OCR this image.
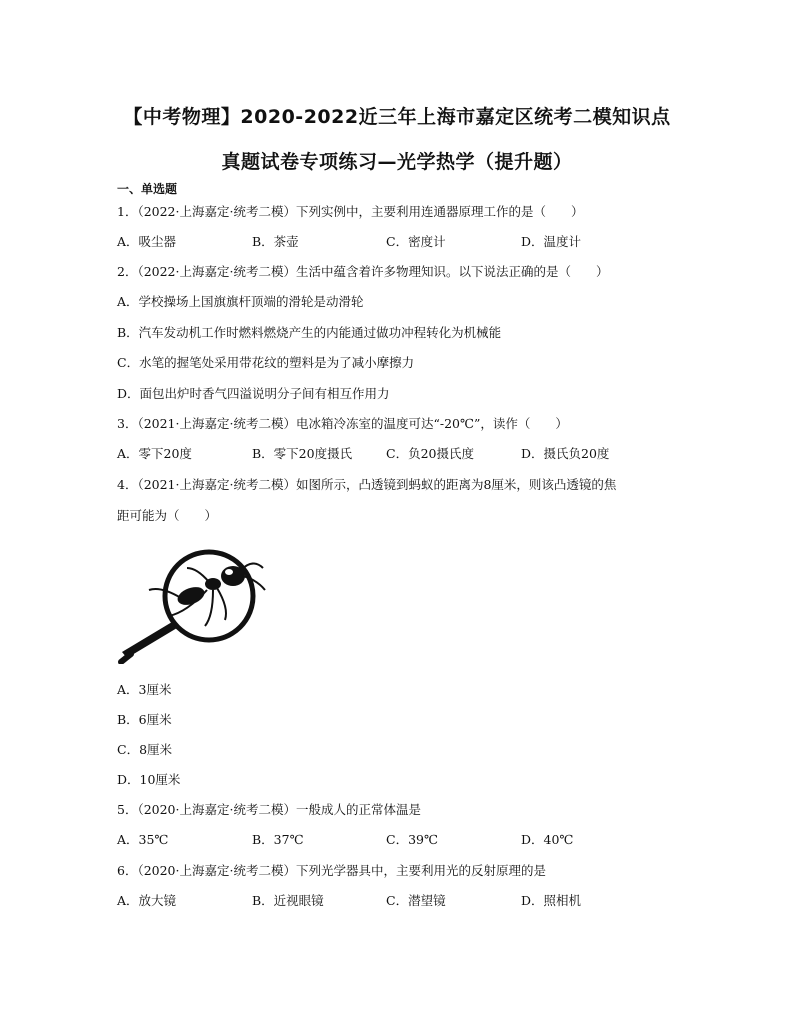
【中考物理】2020-2022近三年上海市嘉定区统考二模知识点
真题试卷专项练习—光学热学（提升题）
一、单选题
1．（2022·上海嘉定·统考二模）下列实例中，主要利用连通器原理工作的是（　　）
A．吸尘器	B．茶壶	C．密度计	D．温度计
2．（2022·上海嘉定·统考二模）生活中蕴含着许多物理知识。以下说法正确的是（　　）
A．学校操场上国旗旗杆顶端的滑轮是动滑轮
B．汽车发动机工作时燃料燃烧产生的内能通过做功冲程转化为机械能
C．水笔的握笔处采用带花纹的塑料是为了减小摩擦力
D．面包出炉时香气四溢说明分子间有相互作用力
3．（2021·上海嘉定·统考二模）电冰箱冷冻室的温度可达“-20℃”，读作（　　）
A．零下20度	B．零下20度摄氏	C．负20摄氏度	D．摄氏负20度
4．（2021·上海嘉定·统考二模）如图所示，凸透镜到蚂蚁的距离为8厘米，则该凸透镜的焦
距可能为（　　）
A．3厘米
B．6厘米
C．8厘米
D．10厘米
5．（2020·上海嘉定·统考二模）一般成人的正常体温是
A．35℃	B．37℃	C．39℃	D．40℃
6．（2020·上海嘉定·统考二模）下列光学器具中，主要利用光的反射原理的是
A．放大镜	B．近视眼镜	C．潜望镜	D．照相机
